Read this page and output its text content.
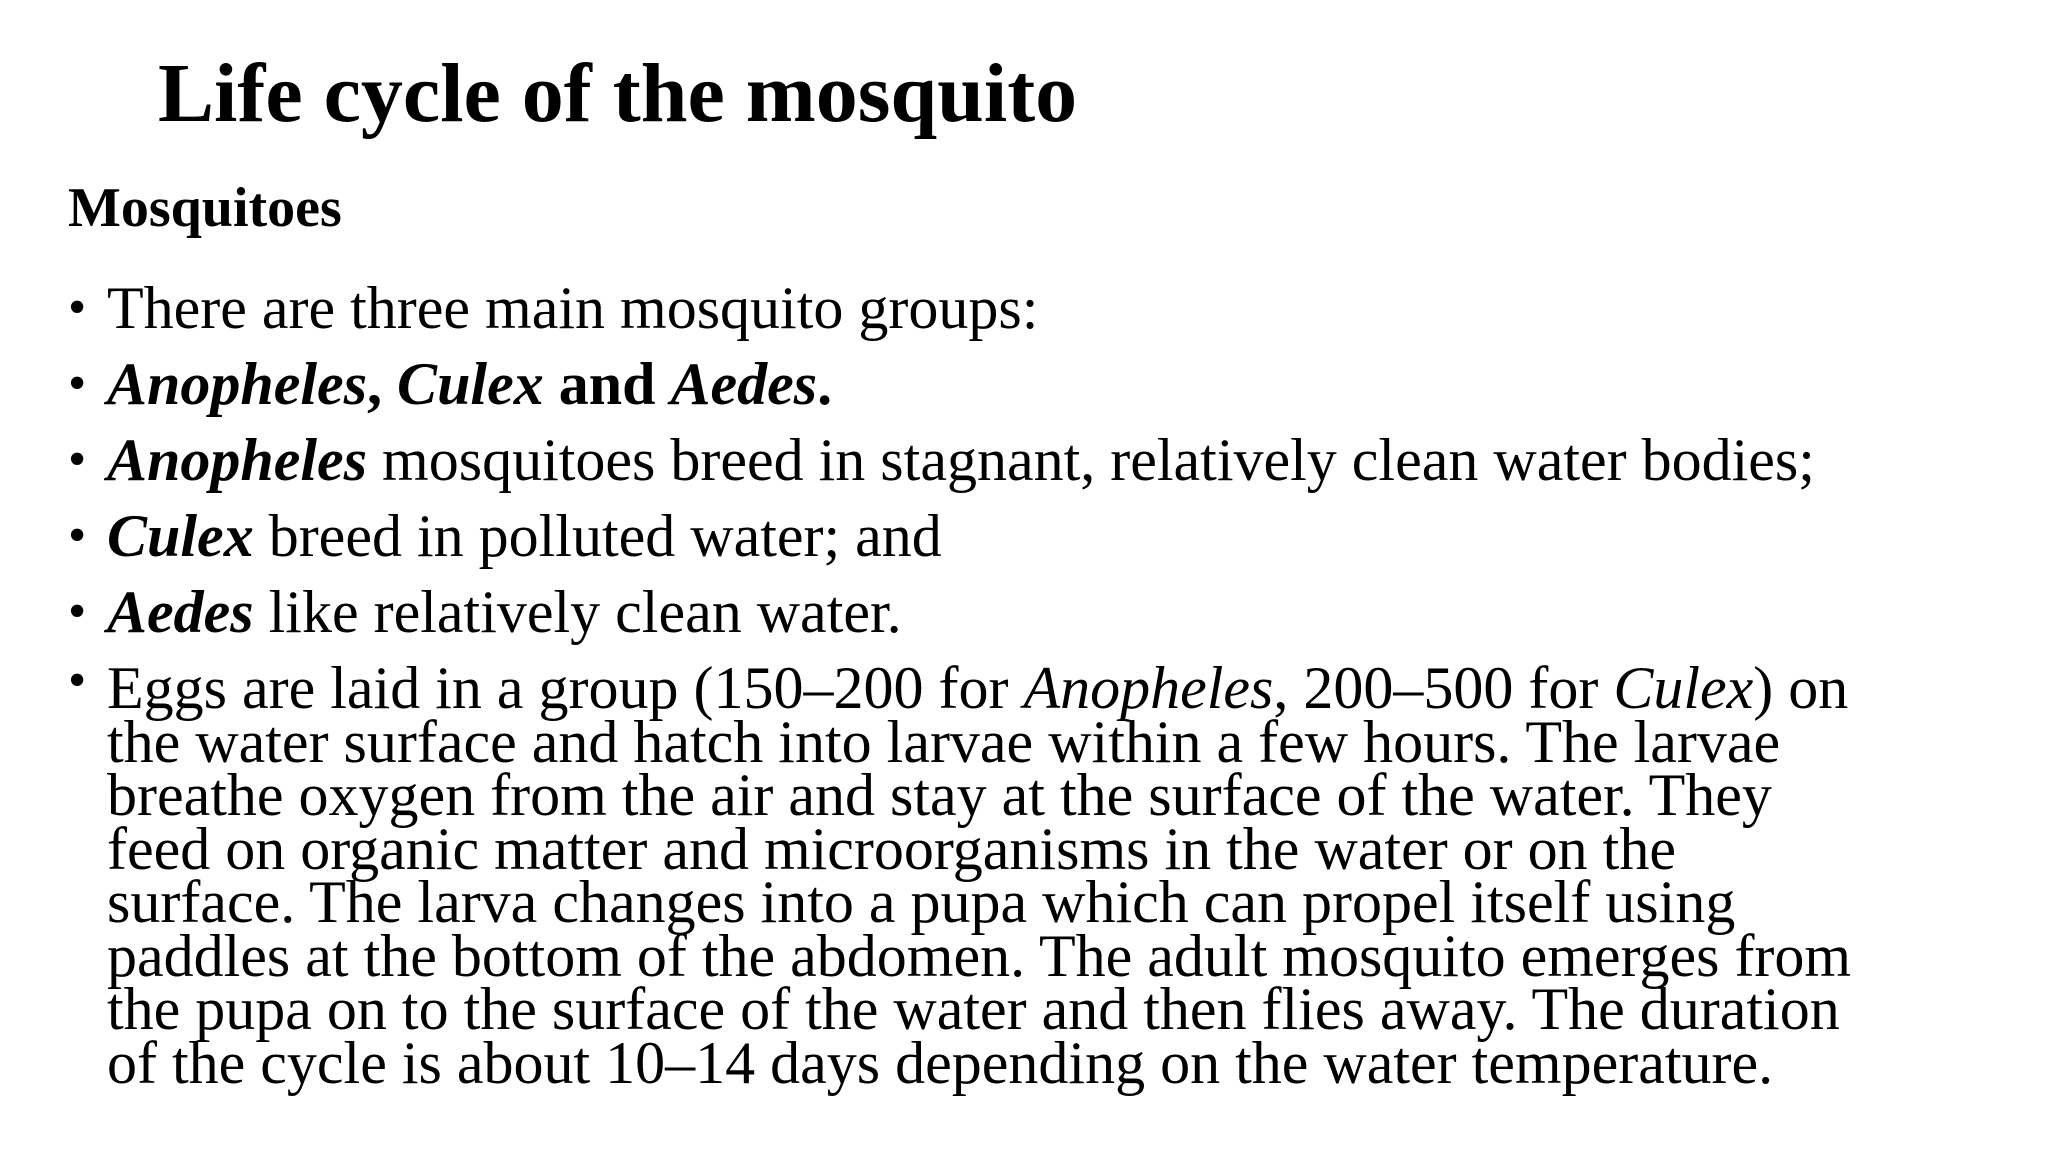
Life cycle of the mosquito
Mosquitoes
• There are three main mosquito groups:
• Anopheles, Culex and Aedes.
• Anopheles mosquitoes breed in stagnant, relatively clean water bodies;
• Culex breed in polluted water; and
• Aedes like relatively clean water.
• Eggs are laid in a group (150–200 for Anopheles, 200–500 for Culex) on
the water surface and hatch into larvae within a few hours. The larvae
breathe oxygen from the air and stay at the surface of the water. They
feed on organic matter and microorganisms in the water or on the
surface. The larva changes into a pupa which can propel itself using
paddles at the bottom of the abdomen. The adult mosquito emerges from
the pupa on to the surface of the water and then flies away. The duration
of the cycle is about 10–14 days depending on the water temperature.
